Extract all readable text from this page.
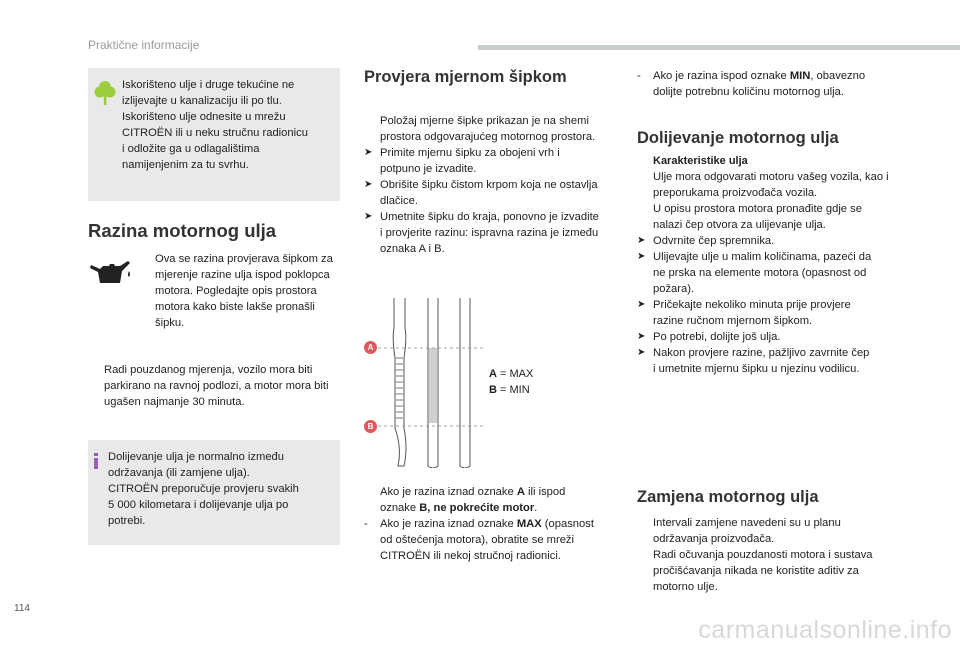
Praktične informacije
Iskorišteno ulje i druge tekućine ne
izlijevajte u kanalizaciju ili po tlu.
Iskorišteno ulje odnesite u mrežu
CITROËN ili u neku stručnu radionicu
i odložite ga u odlagalištima
namijenjenim za tu svrhu.
Razina motornog ulja
Ova se razina provjerava šipkom za
mjerenje razine ulja ispod poklopca
motora. Pogledajte opis prostora
motora kako biste lakše pronašli
šipku.
Radi pouzdanog mjerenja, vozilo mora biti
parkirano na ravnoj podlozi, a motor mora biti
ugašen najmanje 30 minuta.
Dolijevanje ulja je normalno između
održavanja (ili zamjene ulja).
CITROËN preporučuje provjeru svakih
5 000 kilometara i dolijevanje ulja po
potrebi.
Provjera mjernom šipkom
Položaj mjerne šipke prikazan je na shemi
prostora odgovarajućeg motornog prostora.
➤ Primite mjernu šipku za obojeni vrh i
potpuno je izvadite.
➤ Obrišite šipku čistom krpom koja ne ostavlja
dlačice.
➤ Umetnite šipku do kraja, ponovno je izvadite
i provjerite razinu: ispravna razina je između
oznaka A i B.
A
B
A = MAX
B = MIN
Ako je razina iznad oznake A ili ispod
oznake B, ne pokrećite motor.
- Ako je razina iznad oznake MAX (opasnost
od oštećenja motora), obratite se mreži
CITROËN ili nekoj stručnoj radionici.
- Ako je razina ispod oznake MIN, obavezno
dolijte potrebnu količinu motornog ulja.
Dolijevanje motornog ulja
Karakteristike ulja
Ulje mora odgovarati motoru vašeg vozila, kao i
preporukama proizvođača vozila.
U opisu prostora motora pronađite gdje se
nalazi čep otvora za ulijevanje ulja.
➤ Odvrnite čep spremnika.
➤ Ulijevajte ulje u malim količinama, pazeći da
ne prska na elemente motora (opasnost od
požara).
➤ Pričekajte nekoliko minuta prije provjere
razine ručnom mjernom šipkom.
➤ Po potrebi, dolijte još ulja.
➤ Nakon provjere razine, pažljivo zavrnite čep
i umetnite mjernu šipku u njezinu vodilicu.
Zamjena motornog ulja
Intervali zamjene navedeni su u planu
održavanja proizvođača.
Radi očuvanja pouzdanosti motora i sustava
pročišćavanja nikada ne koristite aditiv za
motorno ulje.
114
carmanualsonline.info
